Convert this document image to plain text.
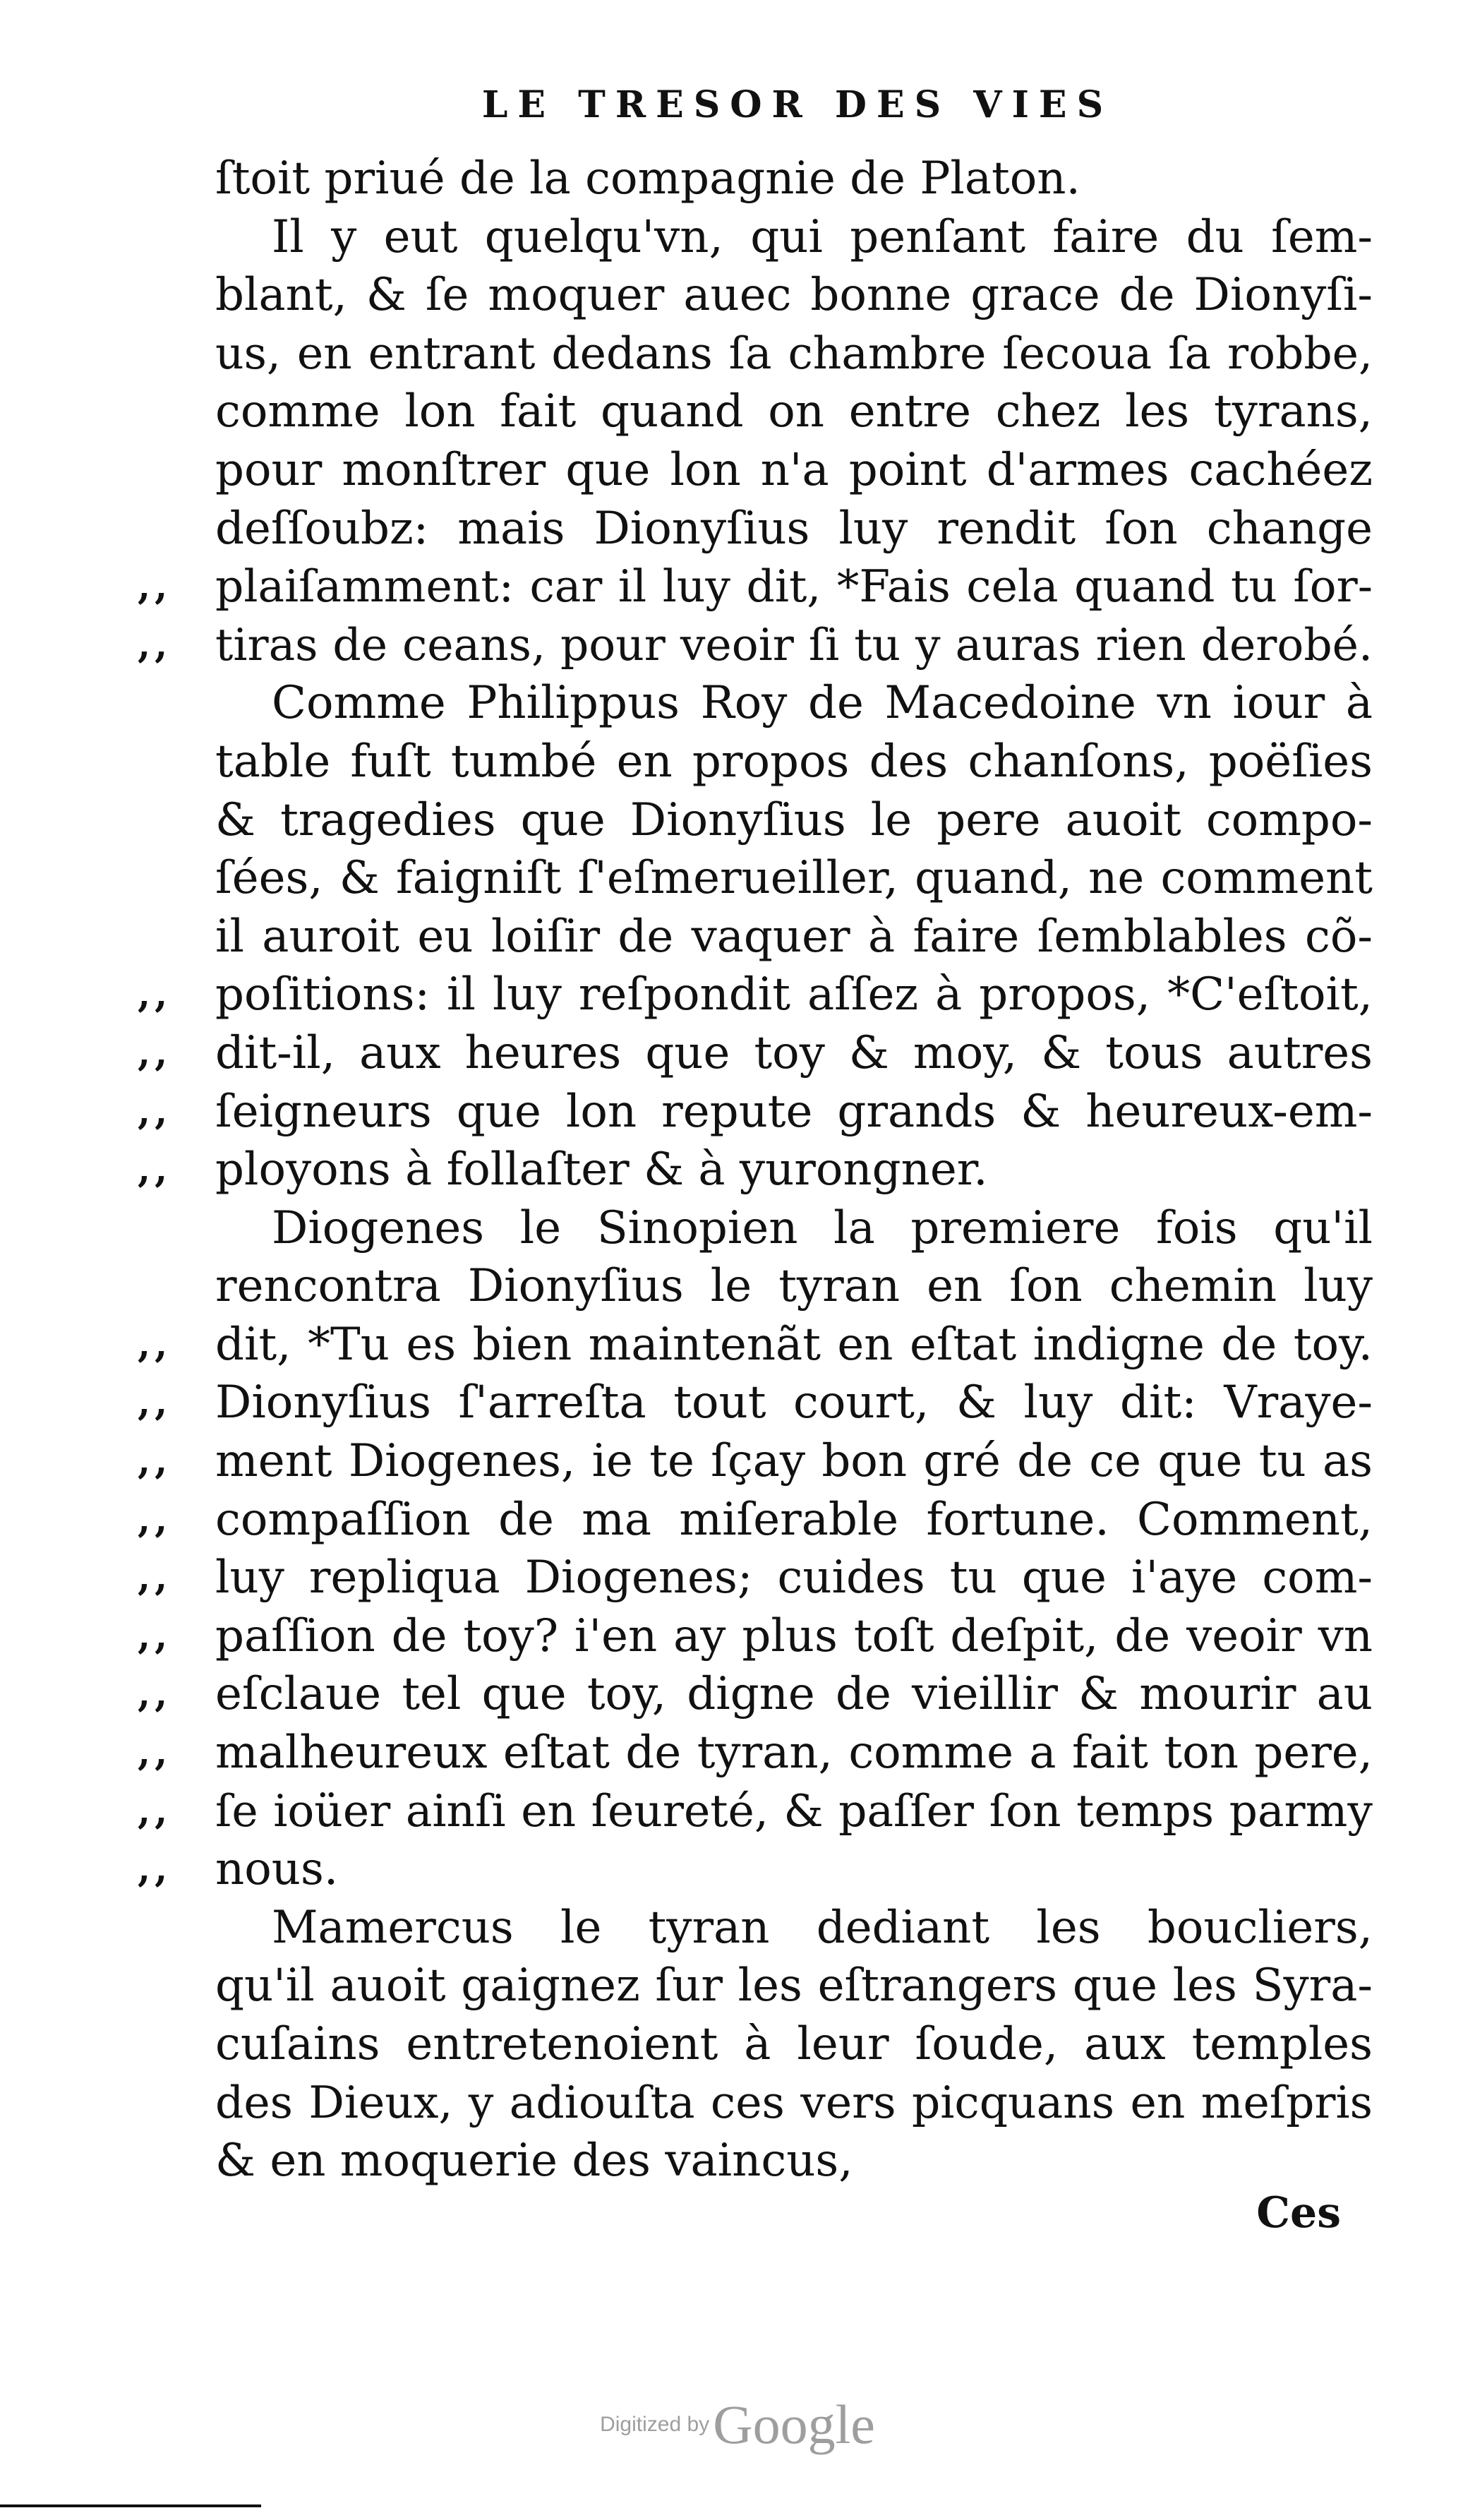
LE TRESOR DES VIES
ſtoit priué de la compagnie de Platon.
Il y eut quelqu'vn, qui penſant faire du ſem-
blant, & ſe moquer auec bonne grace de Dionyſi-
us, en entrant dedans ſa chambre ſecoua ſa robbe,
comme lon fait quand on entre chez les tyrans,
pour monſtrer que lon n'a point d'armes cachéez
deſſoubz: mais Dionyſius luy rendit ſon change
,, plaiſamment: car il luy dit, *Fais cela quand tu ſor-
,, tiras de ceans, pour veoir ſi tu y auras rien derobé.
Comme Philippus Roy de Macedoine vn iour à
table fuſt tumbé en propos des chanſons, poëſies
& tragedies que Dionyſius le pere auoit compo-
ſées, & faigniſt ſ'eſmerueiller, quand, ne comment
il auroit eu loiſir de vaquer à faire ſemblables cõ-
,, poſitions: il luy reſpondit aſſez à propos, *C'eſtoit,
,, dit-il, aux heures que toy & moy, & tous autres
,, ſeigneurs que lon repute grands & heureux-em-
,, ployons à follaſter & à yurongner.
Diogenes le Sinopien la premiere fois qu'il
rencontra Dionyſius le tyran en ſon chemin luy
,, dit, *Tu es bien maintenãt en eſtat indigne de toy.
,, Dionyſius ſ'arreſta tout court, & luy dit: Vraye-
,, ment Diogenes, ie te ſçay bon gré de ce que tu as
,, compaſſion de ma miſerable fortune. Comment,
,, luy repliqua Diogenes; cuides tu que i'aye com-
,, paſſion de toy? i'en ay plus toſt deſpit, de veoir vn
,, eſclaue tel que toy, digne de vieillir & mourir au
,, malheureux eſtat de tyran, comme a fait ton pere,
,, ſe ioüer ainſi en ſeureté, & paſſer ſon temps parmy
,, nous.
Mamercus le tyran dediant les boucliers,
qu'il auoit gaignez ſur les eſtrangers que les Syra-
cuſains entretenoient à leur ſoude, aux temples
des Dieux, y adiouſta ces vers picquans en meſpris
& en moquerie des vaincus,
Ces
Digitized by Google
